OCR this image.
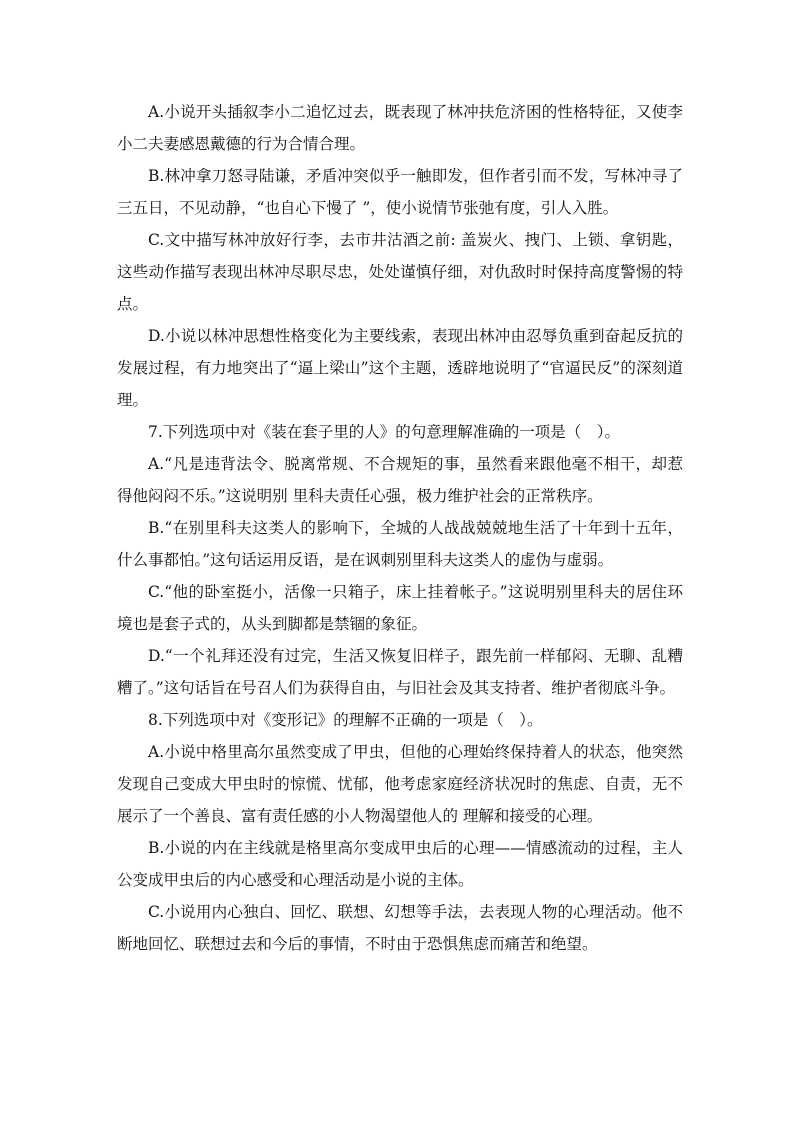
A.小说开头插叙李小二追忆过去，既表现了林冲扶危济困的性格特征，又使李小二夫妻感恩戴德的行为合情合理。

B.林冲拿刀怒寻陆谦，矛盾冲突似乎一触即发，但作者引而不发，写林冲寻了三五日，不见动静，“也自心下慢了 ”，使小说情节张弛有度，引人入胜。

C.文中描写林冲放好行李，去市井沽酒之前: 盖炭火、拽门、上锁、拿钥匙，这些动作描写表现出林冲尽职尽忠，处处谨慎仔细，对仇敌时时保持高度警惕的特点。

D.小说以林冲思想性格变化为主要线索，表现出林冲由忍辱负重到奋起反抗的发展过程，有力地突出了“逼上梁山”这个主题，透辟地说明了“官逼民反”的深刻道理。

7.下列选项中对《装在套子里的人》的句意理解准确的一项是（　）。

A.“凡是违背法令、脱离常规、不合规矩的事，虽然看来跟他毫不相干，却惹得他闷闷不乐。”这说明别 里科夫责任心强，极力维护社会的正常秩序。

B.“在别里科夫这类人的影响下，全城的人战战兢兢地生活了十年到十五年，什么事都怕。”这句话运用反语，是在讽刺别里科夫这类人的虚伪与虚弱。

C.“他的卧室挺小，活像一只箱子，床上挂着帐子。”这说明别里科夫的居住环境也是套子式的，从头到脚都是禁锢的象征。

D.“一个礼拜还没有过完，生活又恢复旧样子，跟先前一样郁闷、无聊、乱糟糟了。”这句话旨在号召人们为获得自由，与旧社会及其支持者、维护者彻底斗争。

8.下列选项中对《变形记》的理解不正确的一项是（　）。

A.小说中格里高尔虽然变成了甲虫，但他的心理始终保持着人的状态，他突然发现自己变成大甲虫时的惊慌、忧郁，他考虑家庭经济状况时的焦虑、自责，无不展示了一个善良、富有责任感的小人物渴望他人的 理解和接受的心理。

B.小说的内在主线就是格里高尔变成甲虫后的心理——情感流动的过程，主人公变成甲虫后的内心感受和心理活动是小说的主体。

C.小说用内心独白、回忆、联想、幻想等手法，去表现人物的心理活动。他不断地回忆、联想过去和今后的事情，不时由于恐惧焦虑而痛苦和绝望。
